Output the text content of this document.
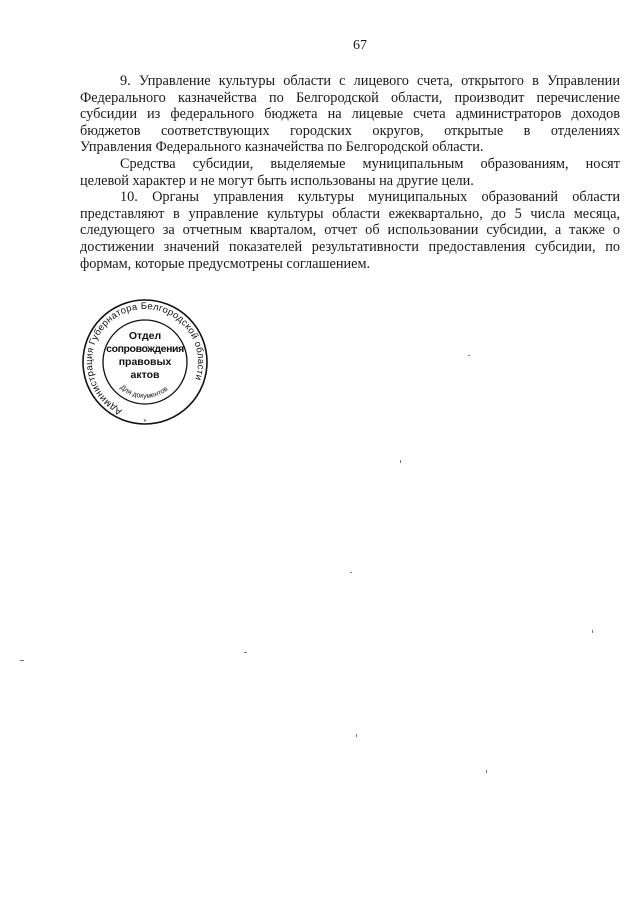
67
9. Управление культуры области с лицевого счета, открытого в Управлении
Федерального казначейства по Белгородской области, производит перечисление
субсидии из федерального бюджета на лицевые счета администраторов доходов
бюджетов соответствующих городских округов, открытые в отделениях
Управления Федерального казначейства по Белгородской области.
Средства субсидии, выделяемые муниципальным образованиям, носят
целевой характер и не могут быть использованы на другие цели.
10. Органы управления культуры муниципальных образований области
представляют в управление культуры области ежеквартально, до 5 числа месяца,
следующего за отчетным кварталом, отчет об использовании субсидии, а также о
достижении значений показателей результативности предоставления субсидии, по
формам, которые предусмотрены соглашением.
Администрация Губернатора Белгородской области
Для документов
Отдел
сопровождения
правовых
актов
*
